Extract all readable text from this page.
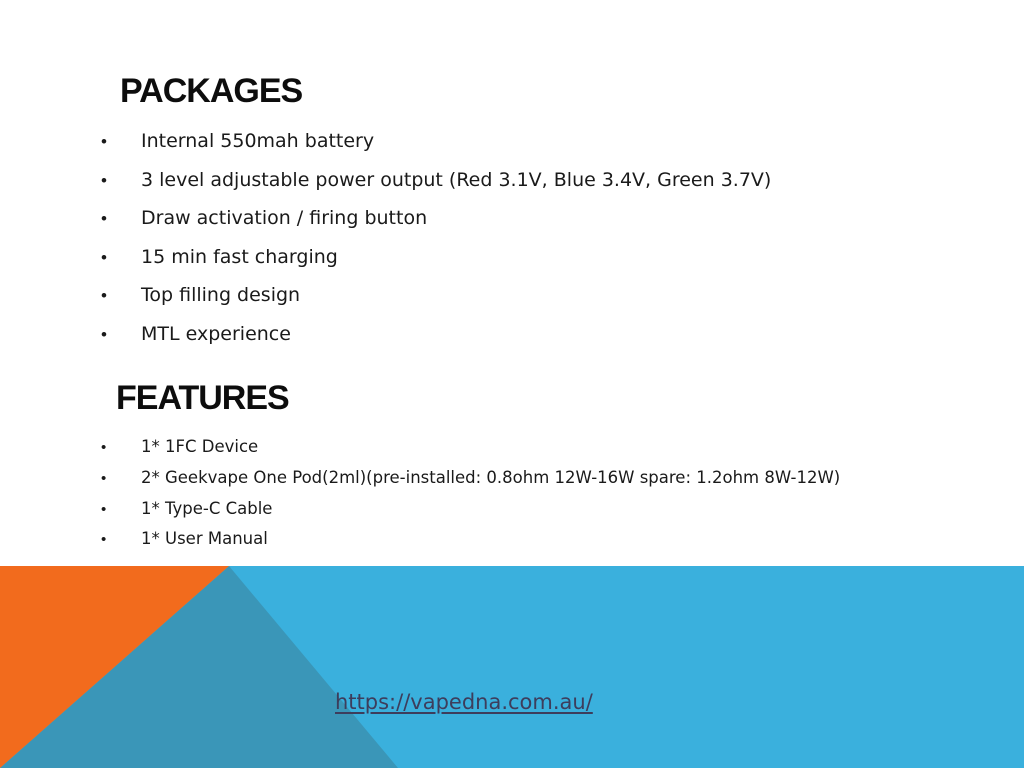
PACKAGES
• Internal 550mah battery
• 3 level adjustable power output (Red 3.1V, Blue 3.4V, Green 3.7V)
• Draw activation / firing button
• 15 min fast charging
• Top filling design
• MTL experience
FEATURES
• 1* 1FC Device
• 2* Geekvape One Pod(2ml)(pre-installed: 0.8ohm 12W-16W spare: 1.2ohm 8W-12W)
• 1* Type-C Cable
• 1* User Manual
https://vapedna.com.au/
